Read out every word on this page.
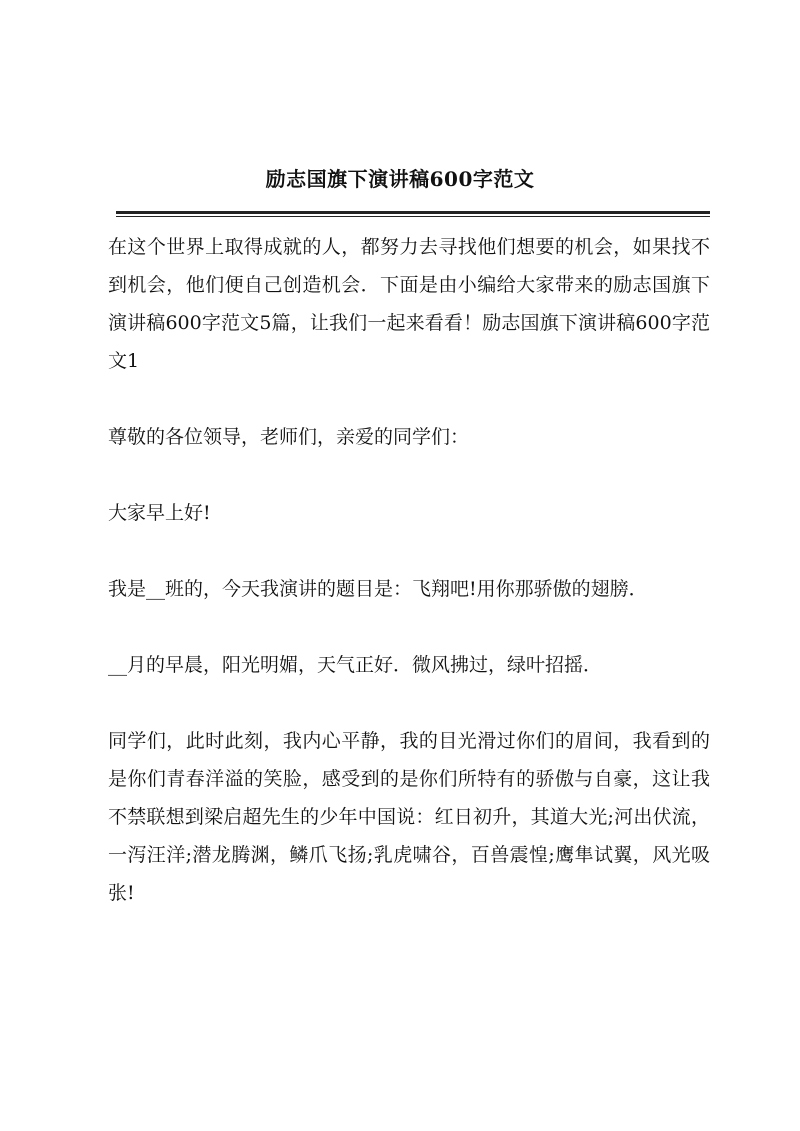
励志国旗下演讲稿600字范文

在这个世界上取得成就的人，都努力去寻找他们想要的机会，如果找不到机会，他们便自己创造机会．下面是由小编给大家带来的励志国旗下演讲稿600字范文5篇，让我们一起来看看！励志国旗下演讲稿600字范文1

尊敬的各位领导，老师们，亲爱的同学们：

大家早上好!

我是__班的，今天我演讲的题目是：飞翔吧!用你那骄傲的翅膀．

__月的早晨，阳光明媚，天气正好．微风拂过，绿叶招摇．

同学们，此时此刻，我内心平静，我的目光滑过你们的眉间，我看到的是你们青春洋溢的笑脸，感受到的是你们所特有的骄傲与自豪，这让我不禁联想到梁启超先生的少年中国说：红日初升，其道大光;河出伏流，一泻汪洋;潜龙腾渊，鳞爪飞扬;乳虎啸谷，百兽震惶;鹰隼试翼，风光吸张!
